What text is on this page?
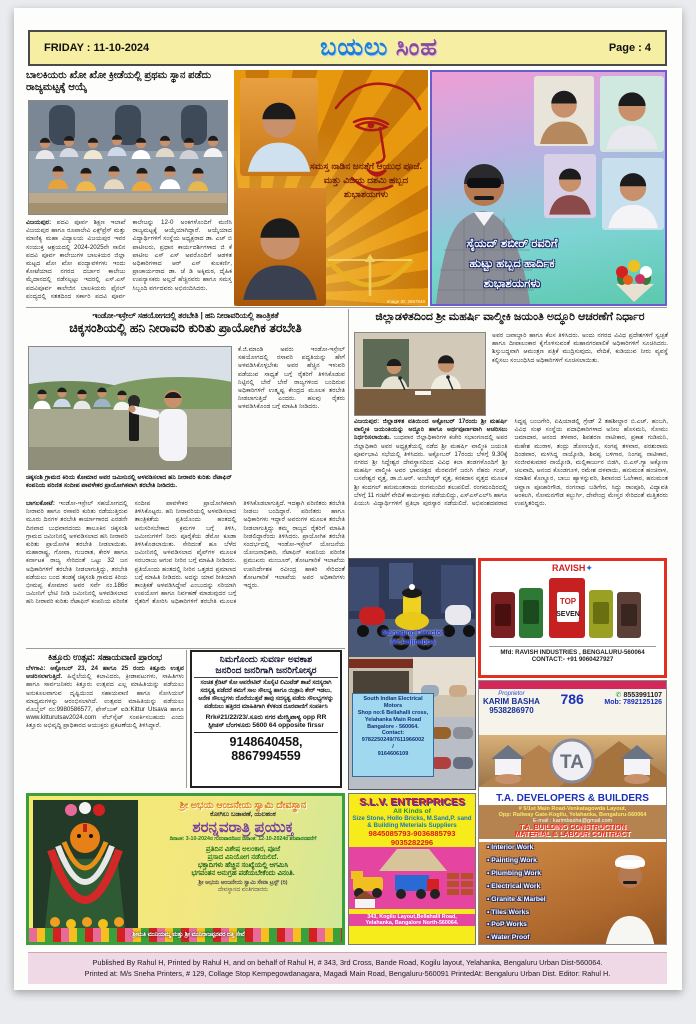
FRIDAY : 11-10-2024	ಬಯಲು ಸಿಂಹ	Page : 4
ಬಾಲಕಿಯರು ಖೋ ಖೋ ಕ್ರೀಡೆಯಲ್ಲಿ ಪ್ರಥಮ ಸ್ಥಾನ ಪಡೆದು ರಾಜ್ಯಮಟ್ಟಕ್ಕೆ ಆಯ್ಕೆ
ವಿಜಯಪುರ: ಪದವಿ ಪೂರ್ವ ಶಿಕ್ಷಣ ಇಲಾಖೆ ವಿಜಯಪುರ ಹಾಗೂ ರೂಪಾಲೇವಿ ಎಕ್ಸ್‌ಪ್ರೆಸ್ ಮತ್ತು ಮಾಣಿಕ್ಯ ಮಹಾ ವಿದ್ಯಾಲಯ ವಿಜಯಪುರ ಇವರ ಸಂಯುಕ್ತ ಆಶ್ರಯದಲ್ಲಿ 2024-2025ನೇ ಸಾಲಿನ ಪದವಿ ಪೂರ್ವ ಕಾಲೇಜುಗಳ ಬಾಲಕಿಯರ ಜಿಲ್ಲಾ ಮಟ್ಟದ ಖೋ ಖೋ ಪಂದ್ಯಾವಳಿಗಳು ಇಂದು ಕೋಟೆಯಾದ ನಗರದ ದರ್ಬಾರ ಕಾಲೇಜು ಮೈದಾನದಲ್ಲಿ ನಡೆಸಲ್ಪಟ್ಟು ಇದರಲ್ಲಿ ಎಸ್.ಎಸ್ ಪದವಿಪೂರ್ವ ಕಾಲೇಜಿನ ಬಾಲಕಿಯರು ಫೈನಲ್ ಪಂದ್ಯದಲ್ಲಿ ಸತತದಿಂದ ಸರ್ಕಾರಿ ಪದವಿ ಪೂರ್ವ ಕಾಲೇಜನ್ನು 12-0 ಅಂಕಗಳೊಂದಿಗೆ ಮಣಿಸಿ ರಾಜ್ಯಮಟ್ಟಕ್ಕೆ ಆಯ್ಕೆಯಾಗಿದ್ದಾರೆ. ಆಯ್ಕೆಯಾದ ವಿದ್ಯಾರ್ಥಿಗಳಿಗೆ ಸಂಸ್ಥೆಯ ಅಧ್ಯಕ್ಷರಾದ ಡಾ. ಎಚ್ ಬಿ ಪಾಟೀಲರು, ಪ್ರಧಾನ ಕಾರ್ಯದರ್ಶಿಗಳಾದ ಜಿ ಕೆ ಪಾಟೀಲ ಎಸ್ ಎಸ್ ಅವರೊಂದಿಗೆ ಆಡಳಿತ ಅಧಿಕಾರಿಗಳಾದ ಆರ್ ಎಸ್ ಕುಲಕರ್ಣಿ, ಪ್ರಾಚಾರ್ಯರಾದ ಡಾ. ಜೆ ಡಿ ಅಕ್ಕಿಮಠ, ದೈಹಿಕ ಉಪನ್ಯಾಸಕರು ಅಲ್ಲದೆ ಹೆಚ್ಚಿನವರು ಹಾಗೂ ಸಮಸ್ತ ಸಿಬ್ಬಂದಿ ವರ್ಗದವರು ಅಭಿನಂದಿಸಿದರು.
ಸಮಸ್ತ ನಾಡಿನ ಜನತೆಗೆ ಆಯುಧ ಪೂಜೆ. ಮತ್ತು ವಿಜಯ ದಶಮಿ ಹಬ್ಬದ ಶುಭಾಶಯಗಳು
Image ID: 2667848
ಸೈಯದ್ ಶಬೀರ್ ರವರಿಗೆ
ಹುಟ್ಟು ಹಬ್ಬದ ಹಾರ್ದಿಕ
ಶುಭಾಶಯಗಳು
ಇಂಡೋ-ಇಸ್ರೇಲ್ ಸಹಯೋಗದಲ್ಲಿ ತರಬೇತಿ | ಹನಿ ನೀರಾವರಿಯಲ್ಲಿ ತಾಂತ್ರಿಕತೆ
ಚಿಕ್ಕಸಂಶಿಯಲ್ಲಿ ಹನಿ ನೀರಾವರಿ ಕುರಿತು ಪ್ರಾಯೋಗಿಕ ತರಬೇತಿ
ಕೆ.ಜಿ.ಮಾಂಡಿ ಅವರು ಇಂಡೋ-ಇಸ್ರೇಲ್ ಸಹಯೋಗದಲ್ಲಿ ರಸಾವರಿ ಪದ್ಧತಿಯನ್ನು ಹೇಗೆ ಅಳವಡಿಸಿಕೊಳ್ಳಬೇಕು ಅವರ ಹೆಚ್ಚಿನ ಇಳುವರಿ ಪಡೆಯುವ ಸಾಧ್ಯತೆ ಬಗ್ಗೆ ರೈತರಿಗೆ ತಿಳಿಸಿಕೊಡುವ ನಿಟ್ಟಿನಲ್ಲಿ ಬೇರೆ ಬೇರೆ ರಾಜ್ಯಗಳಿಂದ ಬಂದಿರುವ ಅಧಿಕಾರಿಗಳಿಗೆ ಉತ್ಕೃಷ್ಟ ಕೇಂದ್ರದ ಮೂಲಕ ತರಬೇತಿ ನೀಡಲಾಗುತ್ತಿದೆ ಎಂದರು. ಹಲವು ರೈತರು ಅಳವಡಿಸಿಕೊಂಡ ಬಗ್ಗೆ ಮಾಹಿತಿ ನೀಡಿದರು.
ಚಿಕ್ಕಸಂಶಿ ಗ್ರಾಮದ ಕಿರಿಯ ಕೋಮಾರ ಅವರ ಜಮೀನಿನಲ್ಲಿ ಅಳವಡಿಸಲಾದ ಹನಿ ನೀರಾವರಿ ಕುರಿತು ನೆಟಾಫಿನ್ ಕಂಪನಿಯ ಪರಿಣಿತ ಸಂದೀಪ ಪಾವಳೇಕರ ಪ್ರಾಯೋಗಿಕವಾಗಿ ತರಬೇತಿ ನೀಡಿದರು.
ಬಾಗಲಕೋಟೆ: ಇಂಡೋ-ಇಸ್ರೇಲ್ ಸಹಯೋಗದಲ್ಲಿ ನೀರಾವರಿ ಹಾಗೂ ರಸಾವರಿ ಕುರಿತು ನಡೆಯುತ್ತಿರುವ ಮೂರು ದಿನಗಳ ತರಬೇತಿ ಕಾರ್ಯಾಗಾರದ ಎರಡನೇ ದಿನವಾದ ಬುಧವಾರದಂದು ತಾಲೂಕಿನ ಚಿಕ್ಕಸಂಶಿ ಗ್ರಾಮದ ಜಮೀನಿನಲ್ಲಿ ಅಳವಡಿಸಲಾದ ಹನಿ ನೀರಾವರಿ ಕುರಿತು ಪ್ರಾಯೋಗಿಕ ತರಬೇತಿ ನೀಡಲಾಯಿತು. ಮಹಾರಾಷ್ಟ್ರ, ಗೋವಾ, ಗುಜರಾತ, ಕೇರಳ ಹಾಗೂ ಕರ್ನಾಟಕ ರಾಜ್ಯ ಸೇರಿದಂತೆ ಒಟ್ಟು 32 ಜನ ಅಧಿಕಾರಿಗಳಿಗೆ ತರಬೇತಿ ನೀಡಲಾಗುತ್ತಿದ್ದು, ತರಬೇತಿ ಪಡೆಯಲು ಬಂದ ತಂಡಕ್ಕೆ ಚಿಕ್ಕಸಂಶಿ ಗ್ರಾಮದ ಕಿರಿಯ ಭೀಮಪ್ಪ ಕೋಮಾರ ಅವರ ಸರ್ವೆ ನಂ.186ರ ಜಮೀನಿಗೆ ಭೇಟಿ ನೀಡಿ ಜಮೀನಿನಲ್ಲಿ ಅಳವಡಿಸಲಾದ ಹನಿ ನೀರಾವರಿ ಕುರಿತು ನೆಟಾಫಿನ್ ಕಂಪನಿಯ ಪರಿಣಿತ ಸಂದೀಪ ಪಾವಳೇಕರ ಪ್ರಾಯೋಗಿಕವಾಗಿ ತಿಳಿಸಿಕೊಟ್ಟರು. ಹನಿ ನೀರಾವರಿಯಲ್ಲಿ ಅಳವಡಿಸಲಾದ ತಾಂತ್ರಿಕತೆಯ ಪ್ರತಿಯೊಂದು ಹಂತದಲ್ಲಿ ಅನುಸರಿಸಬೇಕಾದ ಕ್ರಮಗಳ ಬಗ್ಗೆ ತಿಳಿಸಿ, ಜಮೀನುಗಳಿಗೆ ನೀರು ಪೂರೈಕೆಯ ಡೆಮೋ ಕೂಡಾ ತಿಳಿಸಿಕೊಡಲಾಯಿತು. ಸೇರಿದಂತೆ ಹೂ ಬೆಳೆದ ಜಮೀನಿನಲ್ಲಿ ಅಳವಡಿಸಲಾದ ಪೈಪ್‌ಗಳ ಮೂಲಕ ಸರಬರಾಜು ಆಗುವ ನೀರಿನ ಬಗ್ಗೆ ಮಾಹಿತಿ ನೀಡಿದರು. ಪ್ರತಿಯೊಂದು ಹಂತದಲ್ಲಿ ನೀರಿನ ಒತ್ತಡದ ಪ್ರಮಾಣದ ಬಗ್ಗೆ ಮಾಹಿತಿ ನೀಡಿದರು. ಅದನ್ನು ಯಾವ ರೀತಿಯಾಗಿ ತಾಂತ್ರಿಕತೆ ಅಳವಡಿಸಿದ್ದೇವೆ ಎಂಬುದನ್ನು ಸರಿಯಾಗಿ ಉಪಯೋಗ ಹಾಗೂ ನಿರ್ವಹಣೆ ಮಾಡುವುದರ ಬಗ್ಗೆ ರೈತರಿಗೆ ತೋರಿಸಿ ಅಧಿಕಾರಿಗಳಿಗೆ ತರಬೇತಿ ಮೂಲಕ ತಿಳಿಸಿಕೊಡಲಾಗುತ್ತಿದೆ. ಇದಕ್ಕಾಗಿ ಪರಿಣಿತರು ತರಬೇತಿ ನೀಡಲು ಬಂದಿದ್ದಾರೆ. ಪರಿಣಿತರು ಹಾಗೂ ಅಧಿಕಾರಿಗಳು ಇದ್ದಾರೆ ಅವರುಗಳ ಮೂಲಕ ತರಬೇತಿ ನೀಡಲಾಗುತ್ತಿದ್ದು ತಮ್ಮ ರಾಜ್ಯದ ರೈತರಿಗೆ ಮಾಹಿತಿ ನೀಡಲಿದ್ದಾರೆಂದು ತಿಳಿಸಿದರು. ಪ್ರಾಯೋಗಿಕ ತರಬೇತಿ ಸಂದರ್ಭದಲ್ಲಿ ಇಂಡೋ-ಇಸ್ರೇಲ್ ಯೋಜನೆಯ ಯೋಜನಾಧಿಕಾರಿ, ನೆಟಾಫಿನ್ ಕಂಪನಿಯ ಪರಿಣಿತ ಪ್ರಮುಖರು ಮಂಜೂರ್, ತೋಟಗಾರಿಕೆ ಇಲಾಖೆಯ ಉಪನಿರ್ದೇಶಕ ರವೀಂದ್ರ ಹಾಕರಿ ಸೇರಿದಂತೆ ತೋಟಗಾರಿಕೆ ಇಲಾಖೆಯ ಅಪರ ಅಧಿಕಾರಿಗಳು ಇದ್ದರು.
ಜಿಲ್ಲಾಡಳಿತದಿಂದ ಶ್ರೀ ಮಹರ್ಷಿ ವಾಲ್ಮೀಕಿ ಜಯಂತಿ ಅದ್ಧೂರಿ ಆಚರಣೆಗೆ ನಿರ್ಧಾರ
ಅವರ ಜವಾಬ್ದಾರಿ ಹಾಗೂ ಕೆಲಸ ತಿಳಿಸಿದರು. ಅಂದು ನಗರದ ವಿವಿಧ ಪ್ರದೇಶಗಳಿಗೆ ಸ್ವಚ್ಛತೆ ಹಾಗೂ ದೀಪಾಲಂಕಾರ ಕೈಗೊಳಿಸುವಂತೆ ಮಹಾನಗರಪಾಲಿಕೆ ಅಧಿಕಾರಿಗಳಿಗೆ ಸೂಚಿಸಿದರು. ಶಿಸ್ತುಬದ್ಧವಾಗಿ ಆಮಂತ್ರಣ ಪತ್ರಿಕೆ ಮುದ್ರಿಸುವುದು, ವೇದಿಕೆ, ಕುಡಿಯುವ ನೀರು ವ್ಯವಸ್ಥೆ ಕಲ್ಪಿಸಲು ಸಂಬಂಧಿಸಿದ ಅಧಿಕಾರಿಗಳಿಗೆ ಸೂಚಿಸಲಾಯಿತು.
ವಿಜಯಪುರ: ಜಿಲ್ಲಾಡಳಿತ ವತಿಯಿಂದ ಅಕ್ಟೋಬರ್ 17ರಂದು ಶ್ರೀ ಮಹರ್ಷಿ ವಾಲ್ಮೀಕಿ ಜಯಂತಿಯನ್ನು ಅದ್ಧೂರಿ ಹಾಗೂ ಅರ್ಥಪೂರ್ಣವಾಗಿ ಆಚರಿಸಲು ನಿರ್ಧರಿಸಲಾಯಿತು. ಬುಧವಾರ ಜಿಲ್ಲಾಧಿಕಾರಿಗಳ ಕಚೇರಿ ಸಭಾಂಗಣದಲ್ಲಿ ಅಪರ ಜಿಲ್ಲಾಧಿಕಾರಿ ಅವರ ಅಧ್ಯಕ್ಷತೆಯಲ್ಲಿ ನಡೆದ ಶ್ರೀ ಮಹರ್ಷಿ ವಾಲ್ಮೀಕಿ ಜಯಂತಿ ಪೂರ್ವಭಾವಿ ಸಭೆಯಲ್ಲಿ ತಿಳಿಸಿದರು. ಅಕ್ಟೋಬರ್ 17ರಂದು ಬೆಳಗ್ಗೆ 9.30ಕ್ಕೆ ನಗರದ ಶ್ರೀ ಸಿದ್ದೇಶ್ವರ ದೇವಸ್ಥಾನದಿಂದ ವಿವಿಧ ಕಲಾ ತಂಡಗಳೊಂದಿಗೆ ಶ್ರೀ ಮಹರ್ಷಿ ವಾಲ್ಮೀಕಿ ಅವರ ಭಾವಚಿತ್ರದ ಮೆರವಣಿಗೆ ಜರುಗಿ ನೆಹರು ಗಂಜ್, ಬಸವೇಶ್ವರ ವೃತ್ತ, ಡಾ.ಬಿ.ಆರ್. ಅಂಬೇಡ್ಕರ್ ವೃತ್ತ, ಕನಕದಾಸ ವೃತ್ತದ ಮೂಲಕ ಶ್ರೀ ಕಂದಗಲ್ ಹನುಮಂತರಾಯ ರಂಗಮಂದಿರ ತಲುಪಲಿದೆ. ರಂಗಮಂದಿರದಲ್ಲಿ ಬೆಳಗ್ಗೆ 11 ಗಂಟೆಗೆ ವೇದಿಕೆ ಕಾರ್ಯಕ್ರಮ ನಡೆಯಲಿದ್ದು, ಎಸ್‌ಎಸ್‌ಎಲ್‌ಸಿ ಹಾಗೂ ಪಿಯುಸಿ ವಿದ್ಯಾರ್ಥಿಗಳಿಗೆ ಪ್ರತಿಭಾ ಪುರಸ್ಕಾರ ನಡೆಯಲಿದೆ. ಅಭಿವಂಶದವರಾದ ಸಿದ್ದಪ್ಪ ಬಂಜಗೇರಿ, ಏಷಿಯಾಡಲ್ಲಿ ಗ್ರೇಡ್ 2 ತಹಶೀಲ್ದಾರ ಬಿ.ಎಚ್. ಹಂಬಗಿ, ವಿವಿಧ ಸಂಘ ಸಂಸ್ಥೆಯ ಪದಾಧಿಕಾರಿಗಳಾದ ಅನೀಲ ಹೊಸಮನಿ, ಸೋಮು ಜಮಾದಾರ, ಆನಂದ ತಳವಾರ, ಶಿವಶರಣ ನಾಟೀಕಾರ, ಪ್ರಕಾಶ ಗುಡಿಮನಿ, ಮಹೇಶ ಮುರಾಳ, ತಂದ್ರು ಡೋಣಬೈಾನ, ಸಂಗಪ್ಪ ತಳವಾರ, ಪರಶುರಾಮ ದಿಂಡವಾರ, ಮಳಸಿದ್ದ ನಾಯ್ಕೋಡಿ, ಶಿವಪ್ಪ ಬಳಿಗಾರ, ನಿಂಗಪ್ಪ ನಾಟೀಕಾರ, ಸಂಜೀವಕುಮಾರ ನಾಯ್ಕೋಡಿ, ಮಲ್ಲಿಕಾರ್ಜುನ ಬಿಡಗಿ, ಬಿ.ಎಸ್.ಗ್ಯಾ ಅಕ್ಕೋಣ ಚಲವಾದಿ, ಆನಂದ ಕೊಂಡಗೂಳಿ, ರಮೇಶ ದಳವಾಯಿ, ಹನುಮಂತ ಹಂಚಿನಾಳ, ಸದಾಶಿವ ಕೊಣ್ಣೂರ, ಬಾಬು ಹ್ಯಾಳನ್ನುವರಿ, ಶಿವಾನಂದ ಓಲೇಕಾರ, ಹನುಮಂತ ಚವ್ಹಾಣ ಪೂಜಾರಿಗೌಡ, ರಂಗನಾಥ ಬಡಿಗೇರ, ಸಿದ್ದು ರಾಂಪೂರಿ, ವಿದ್ಯಾವತಿ ಆಂಕಲಗಿ, ಸೋಮನಗೌಡ ಕಲ್ಬುರ್ಗಿ, ದೇವೇಂದ್ರ ಮೇಸ್ತರ ಸೇರಿದಂತೆ ಮತ್ತಿತರರು ಉಪಸ್ಥಿತರಿದ್ದರು.
Managing Director
Mr.Anjinappa
South Indian Electrical
Motors
Shop no:6 Bellahalli cross,
Yelahanka Main Road
Bangalore - 560064.
Contact:
9782250249/7611966002
/
9164606109
RAVISH✦
TOP
SEVEN
Mfd: RAVISH INDUSTRIES , BENGALURU-560064
CONTACT:- +91 9060427927
ಕಿತ್ತೂರು ಉತ್ಸವ: ಸಹಾಯವಾಣಿ ಪ್ರಾರಂಭ
ಬೆಳಗಾವಿ: ಅಕ್ಟೋಬರ್ 23, 24 ಹಾಗೂ 25 ರಂದು ಕಿತ್ತೂರು ಉತ್ಸವ ಆಚರಿಸಲಾಗುತ್ತಿದೆ. ಹಿನ್ನೆಲೆಯಲ್ಲಿ ಕಲಾವಿದರು, ಕ್ರೀಡಾಪಟುಗಳು, ಸಾಹಿತಿಗಳು ಹಾಗೂ ಸಾರ್ವಜನಿಕರು ಕಿತ್ತೂರು ಉತ್ಸವದ ಎಲ್ಲ ಮಾಹಿತಿಯನ್ನು ಪಡೆಯಲು ಅನುಕೂಲವಾಗುವ ದೃಷ್ಟಿಯಿಂದ ಸಹಾಯವಾಣಿ ಹಾಗೂ ಸೋಸಿಯಲ್ ಮಾಧ್ಯಮಗಳನ್ನು ಆರಂಭಿಸಲಾಗಿದೆ. ಉತ್ಸವದ ಮಾಹಿತಿಯನ್ನು ಪಡೆಯಲು ಮೊಬೈಲ್ ನಂ:9980586577, ಫೇಸ್‌ಬುಕ್ ಐಡಿ:Kittur Utsava ಹಾಗೂ www.kitturutsav2024.com ವೆಬ್‌ಸೈಟ್ ಸಂಪರ್ಕಿಸಬಹುದು ಎಂದು ಕಿತ್ತೂರು ಅಭಿವೃದ್ಧಿ ಪ್ರಾಧಿಕಾರದ ಆಯುಕ್ತರು ಪ್ರಕಟಣೆಯಲ್ಲಿ ತಿಳಿಸಿದ್ದಾರೆ.
ನಿಮಗೊಂದು ಸುವರ್ಣ ಅವಕಾಶ
ಜನರಿಂದ ಜನರಿಗಾಗಿ ಜನರಿಗೋಸ್ಕರ
ಸಂಚಿತ ಕ್ರೆಡಿಟ್ ಕೋ ಆಪರೇಟಿವ್ ಸೊಸೈಟಿ ಲಿಮಿಟೆಡ್ ಶಾಖೆ ಸದಸ್ಯರಾಗಿ ಸದಸ್ಯತ್ವ ಪಡೆದರೆ ತಮಗೆ ಸಾಲ ಸೌಲಭ್ಯ ಹಾಗೂ ಯಿತ್ರಾನಿ ಶೇರ್ ಇಡಲು, ಅನೇಕ ಸೌಲಭ್ಯಗಳು ದೊರೆಯುತ್ತವೆ ತಾವು ಸದಸ್ಯತ್ವ ಪಡೆದು ಸೌಲಭ್ಯಗಳನ್ನು ಪಡೆಯಲು ಹತ್ತಿರದ ಮಾಹಿತಿಗಾಗಿ ಕೆಳಕಂಡ ದೂರವಾಣಿಗೆ ಸಂಪರ್ಕಿಸಿ
Rrk#21/22/23/.ಸೂರು ನಗರ ಮೇಸ್ತ್ರಿಪಾಳ್ಯ opp RR
ಸ್ಪೀಚಸ್ ಬೆಂಗಳೂರು 5600 64 opposite firssr
9148640458, 8867994559
Proprietor
KARIM BASHA
9538286970
786	✆ 8553991107
Mob: 7892125126
TA
T.A. DEVELOPERS & BUILDERS
# 5/1st Main Road-Venkatagowda Layout,
Opp: Railway Gate-Kogilu, Yelahanka, Bengaluru-560064
E-mail : karimbasha@gmail.com
T.A. BUILDING CONSTRUCTION
MATERIAL & LABOUR CONTRACT
• Interior Work
• Painting Work
• Plumbing Work
• Electrical Work
• Granite & Marbel
• Tiles Works
• PoP Works
• Water Proof
ಶ್ರೀ ಅಭಯ ಆಂಜನೇಯ ಸ್ವಾಮಿ ದೇವಸ್ಥಾನ
ಕೋಗಿಲು ಬಡಾವಣೆ, ಯಲಹಂಕ
ಶರನ್ನವರಾತ್ರಿ ಪ್ರಯುಕ್ತ
ದಿನಾಂಕ: 3-10-2024ರ ಗುರುವಾರದಿಂದ ದಿನಾಂಕ: 12-10-2024ರ ಶನಿವಾರದವರೆಗೆ
ಪ್ರತಿದಿನ ವಿಶೇಷ ಅಲಂಕಾರ, ಪೂಜೆ
ಪ್ರಸಾದ ವಿನಿಯೋಗ ನಡೆಯಲಿದೆ.
ಭಕ್ತಾದಿಗಳು ಹೆಚ್ಚಿನ ಸಂಖ್ಯೆಯಲ್ಲಿ ಆಗಮಿಸಿ
ಭಗವಂತನ ಅನುಗ್ರಹ ಪಡೆಯಬೇಕೆಂದು ವಿನಂತಿ.
ಶ್ರೀ ಅಭಯ ಆಂಜನೇಯ ಸ್ವಾಮಿ ಸೇವಾ ಟ್ರಸ್ಟ್ (ರಿ)
ದೇವಸ್ಥಾನದ ವಂತಿಗದಾರರು
ಶ್ರೀಮತಿ ಮುನಿಯಮ್ಮ ಮತ್ತು ಶ್ರೀ ಮುನಿರಾಜಪ್ಪನವರ ದತ್ತಿ ಸೇವೆ
S.L.V. ENTERPRICES
All Kinds of
Size Stone, Hollo Bricks, M.Sand,P. sand
& Building Meterials Suppliers
9845085793-9036885793
9035282296
343, Kogilu Layout,Bellahalli Road,
Yelahanka, Bangalore North-560064.
Published By Rahul H, Printed by Rahul H, and on behalf of Rahul H, # 343, 3rd Cross, Bande Road, Kogilu layout, Yelahanka, Bengaluru Urban Dist-560064.
Printed at: M/s Sneha Printers, # 129, Collage Stop Kempegowdanagara, Magadi Main Road, Bengaluru-560091 PrintedAt: Bengaluru Urban Dist. Editor: Rahul H.
